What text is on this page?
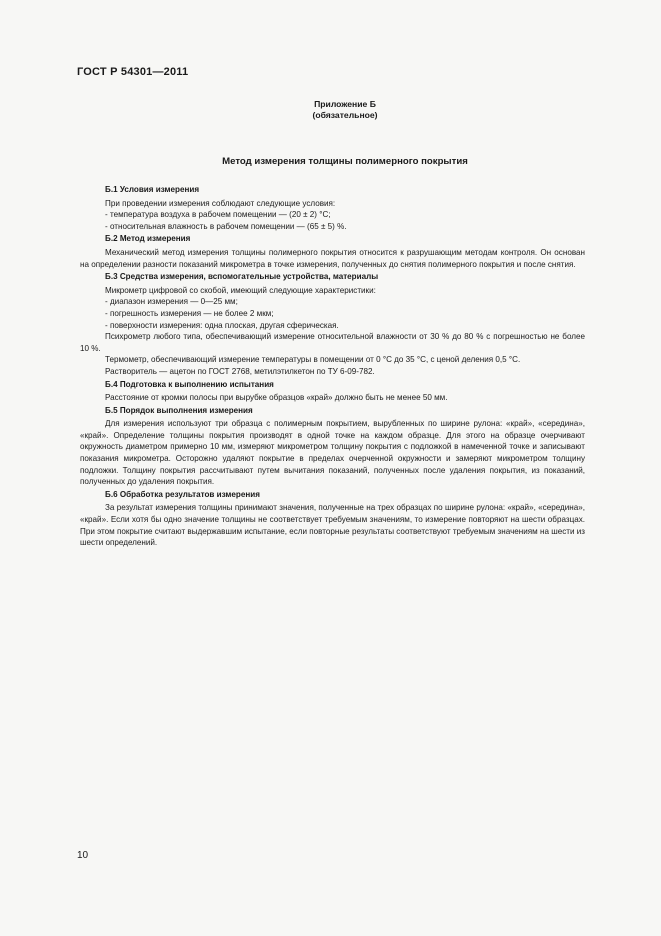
ГОСТ Р 54301—2011
Приложение Б
(обязательное)
Метод измерения толщины полимерного покрытия
Б.1 Условия измерения

При проведении измерения соблюдают следующие условия:

- температура воздуха в рабочем помещении — (20 ± 2) °С;

- относительная влажность в рабочем помещении — (65 ± 5) %.

Б.2 Метод измерения

Механический метод измерения толщины полимерного покрытия относится к разрушающим методам контроля. Он основан на определении разности показаний микрометра в точке измерения, полученных до снятия полимерного покрытия и после снятия.

Б.3 Средства измерения, вспомогательные устройства, материалы

Микрометр цифровой со скобой, имеющий следующие характеристики:

- диапазон измерения — 0—25 мм;

- погрешность измерения — не более 2 мкм;

- поверхности измерения: одна плоская, другая сферическая.

Психрометр любого типа, обеспечивающий измерение относительной влажности от 30 % до 80 % с погрешностью не более 10 %.

Термометр, обеспечивающий измерение температуры в помещении от 0 °С до 35 °С, с ценой деления 0,5 °С.

Растворитель — ацетон по ГОСТ 2768, метилэтилкетон по ТУ 6-09-782.

Б.4 Подготовка к выполнению испытания

Расстояние от кромки полосы при вырубке образцов «край» должно быть не менее 50 мм.

Б.5 Порядок выполнения измерения

Для измерения используют три образца с полимерным покрытием, вырубленных по ширине рулона: «край», «середина», «край». Определение толщины покрытия производят в одной точке на каждом образце. Для этого на образце очерчивают окружность диаметром примерно 10 мм, измеряют микрометром толщину покрытия с подложкой в намеченной точке и записывают показания микрометра. Осторожно удаляют покрытие в пределах очерченной окружности и замеряют микрометром толщину подложки. Толщину покрытия рассчитывают путем вычитания показаний, полученных после удаления покрытия, из показаний, полученных до удаления покрытия.

Б.6 Обработка результатов измерения

За результат измерения толщины принимают значения, полученные на трех образцах по ширине рулона: «край», «середина», «край». Если хотя бы одно значение толщины не соответствует требуемым значениям, то измерение повторяют на шести образцах. При этом покрытие считают выдержавшим испытание, если повторные результаты соответствуют требуемым значениям на шести из шести определений.

10
